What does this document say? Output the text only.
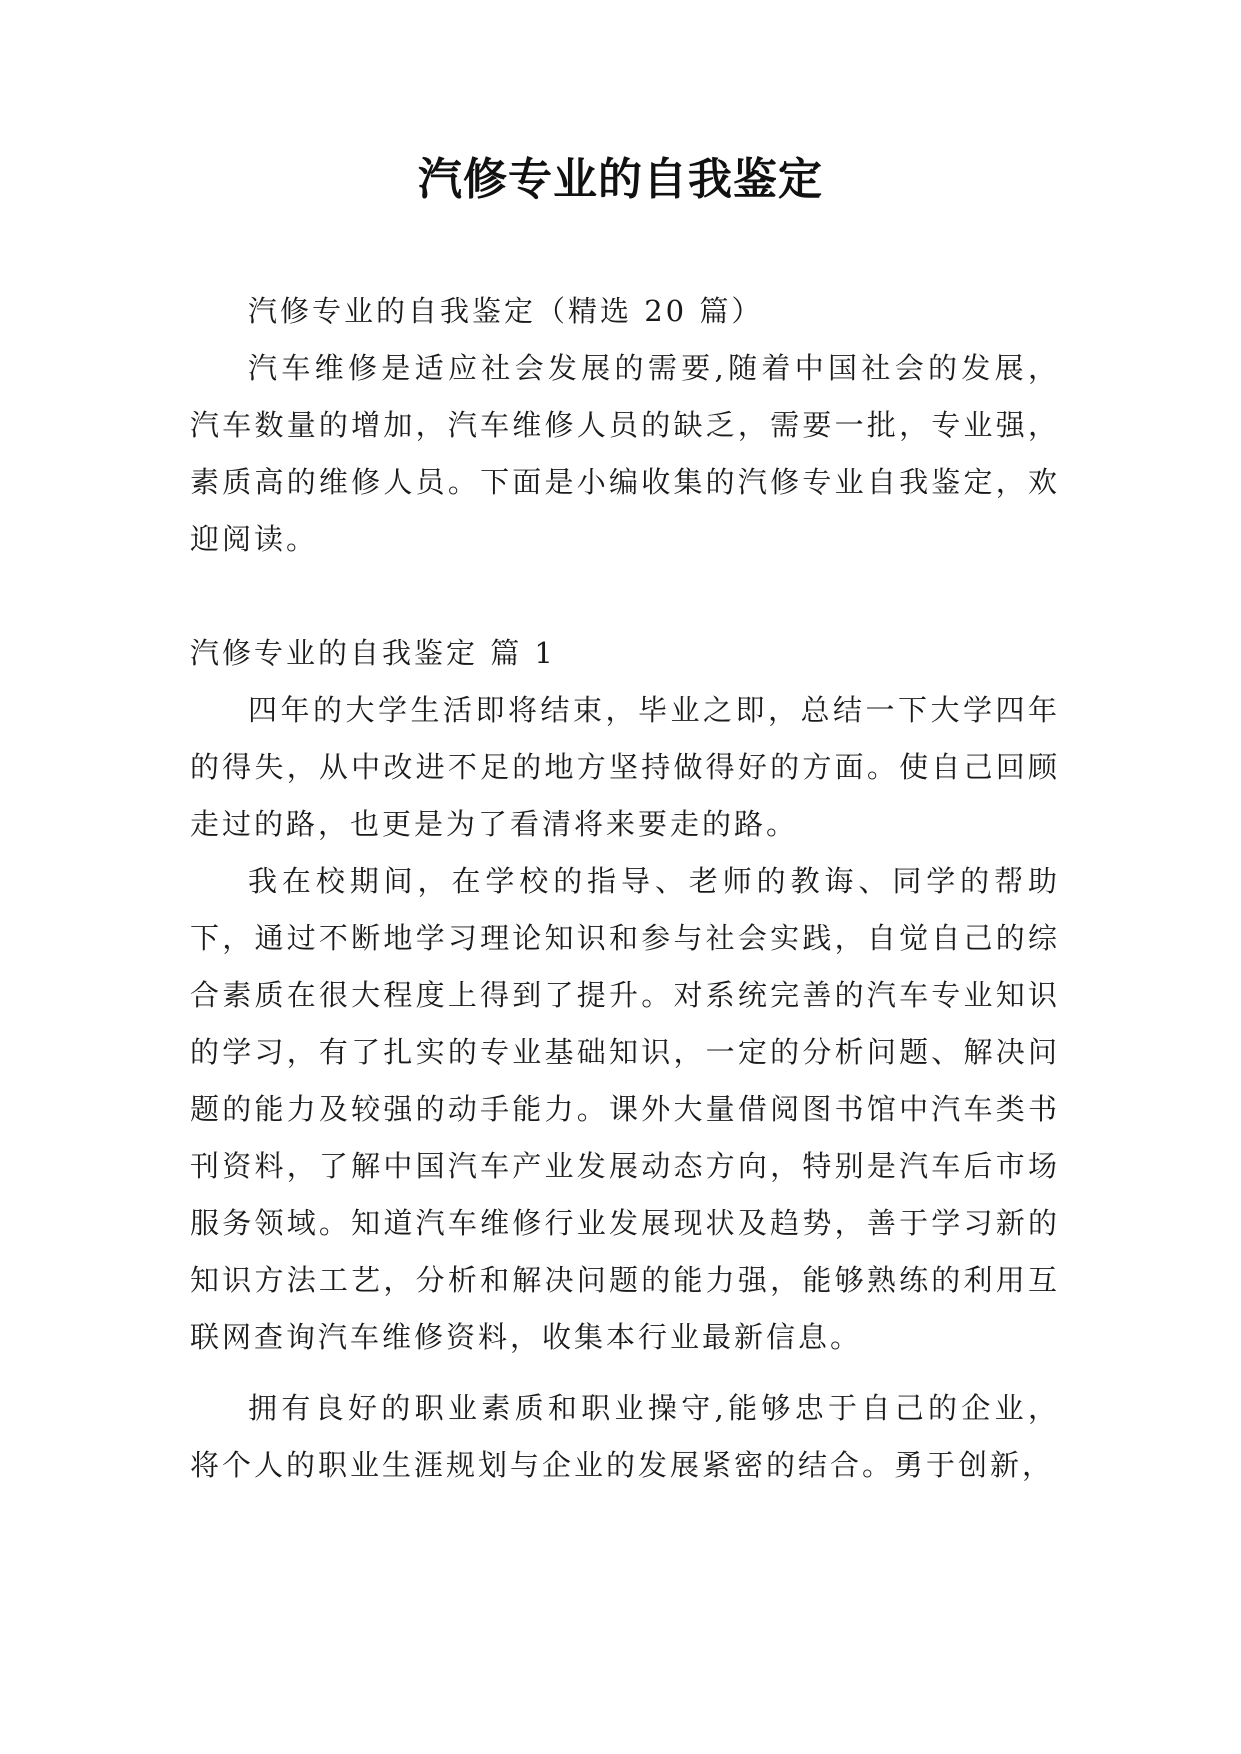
汽修专业的自我鉴定

汽修专业的自我鉴定（精选 20 篇）

汽车维修是适应社会发展的需要,随着中国社会的发展，汽车数量的增加，汽车维修人员的缺乏，需要一批，专业强，素质高的维修人员。下面是小编收集的汽修专业自我鉴定，欢迎阅读。

汽修专业的自我鉴定 篇 1

四年的大学生活即将结束，毕业之即，总结一下大学四年的得失，从中改进不足的地方坚持做得好的方面。使自己回顾走过的路，也更是为了看清将来要走的路。

我在校期间，在学校的指导、老师的教诲、同学的帮助下，通过不断地学习理论知识和参与社会实践，自觉自己的综合素质在很大程度上得到了提升。对系统完善的汽车专业知识的学习，有了扎实的专业基础知识，一定的分析问题、解决问题的能力及较强的动手能力。课外大量借阅图书馆中汽车类书刊资料，了解中国汽车产业发展动态方向，特别是汽车后市场服务领域。知道汽车维修行业发展现状及趋势，善于学习新的知识方法工艺，分析和解决问题的能力强，能够熟练的利用互联网查询汽车维修资料，收集本行业最新信息。

拥有良好的职业素质和职业操守,能够忠于自己的企业，将个人的职业生涯规划与企业的发展紧密的结合。勇于创新，
